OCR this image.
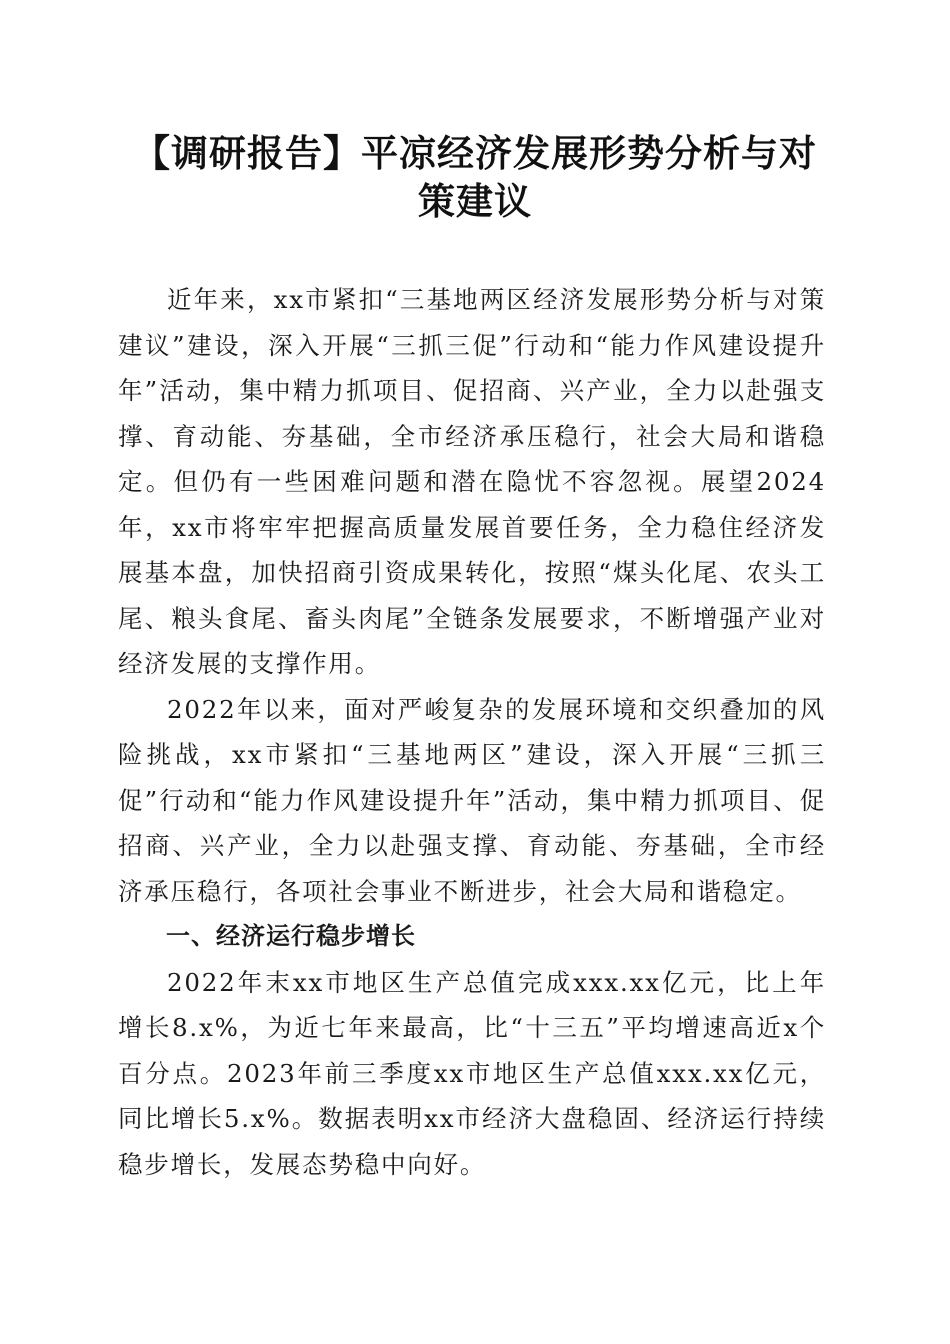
【调研报告】平凉经济发展形势分析与对策建议

近年来，xx市紧扣“三基地两区经济发展形势分析与对策建议”建设，深入开展“三抓三促”行动和“能力作风建设提升年”活动，集中精力抓项目、促招商、兴产业，全力以赴强支撑、育动能、夯基础，全市经济承压稳行，社会大局和谐稳定。但仍有一些困难问题和潜在隐忧不容忽视。展望2024年，xx市将牢牢把握高质量发展首要任务，全力稳住经济发展基本盘，加快招商引资成果转化，按照“煤头化尾、农头工尾、粮头食尾、畜头肉尾”全链条发展要求，不断增强产业对经济发展的支撑作用。

2022年以来，面对严峻复杂的发展环境和交织叠加的风险挑战，xx市紧扣“三基地两区”建设，深入开展“三抓三促”行动和“能力作风建设提升年”活动，集中精力抓项目、促招商、兴产业，全力以赴强支撑、育动能、夯基础，全市经济承压稳行，各项社会事业不断进步，社会大局和谐稳定。

一、经济运行稳步增长

2022年末xx市地区生产总值完成xxx.xx亿元，比上年增长8.x%，为近七年来最高，比“十三五”平均增速高近x个百分点。2023年前三季度xx市地区生产总值xxx.xx亿元，同比增长5.x%。数据表明xx市经济大盘稳固、经济运行持续稳步增长，发展态势稳中向好。
